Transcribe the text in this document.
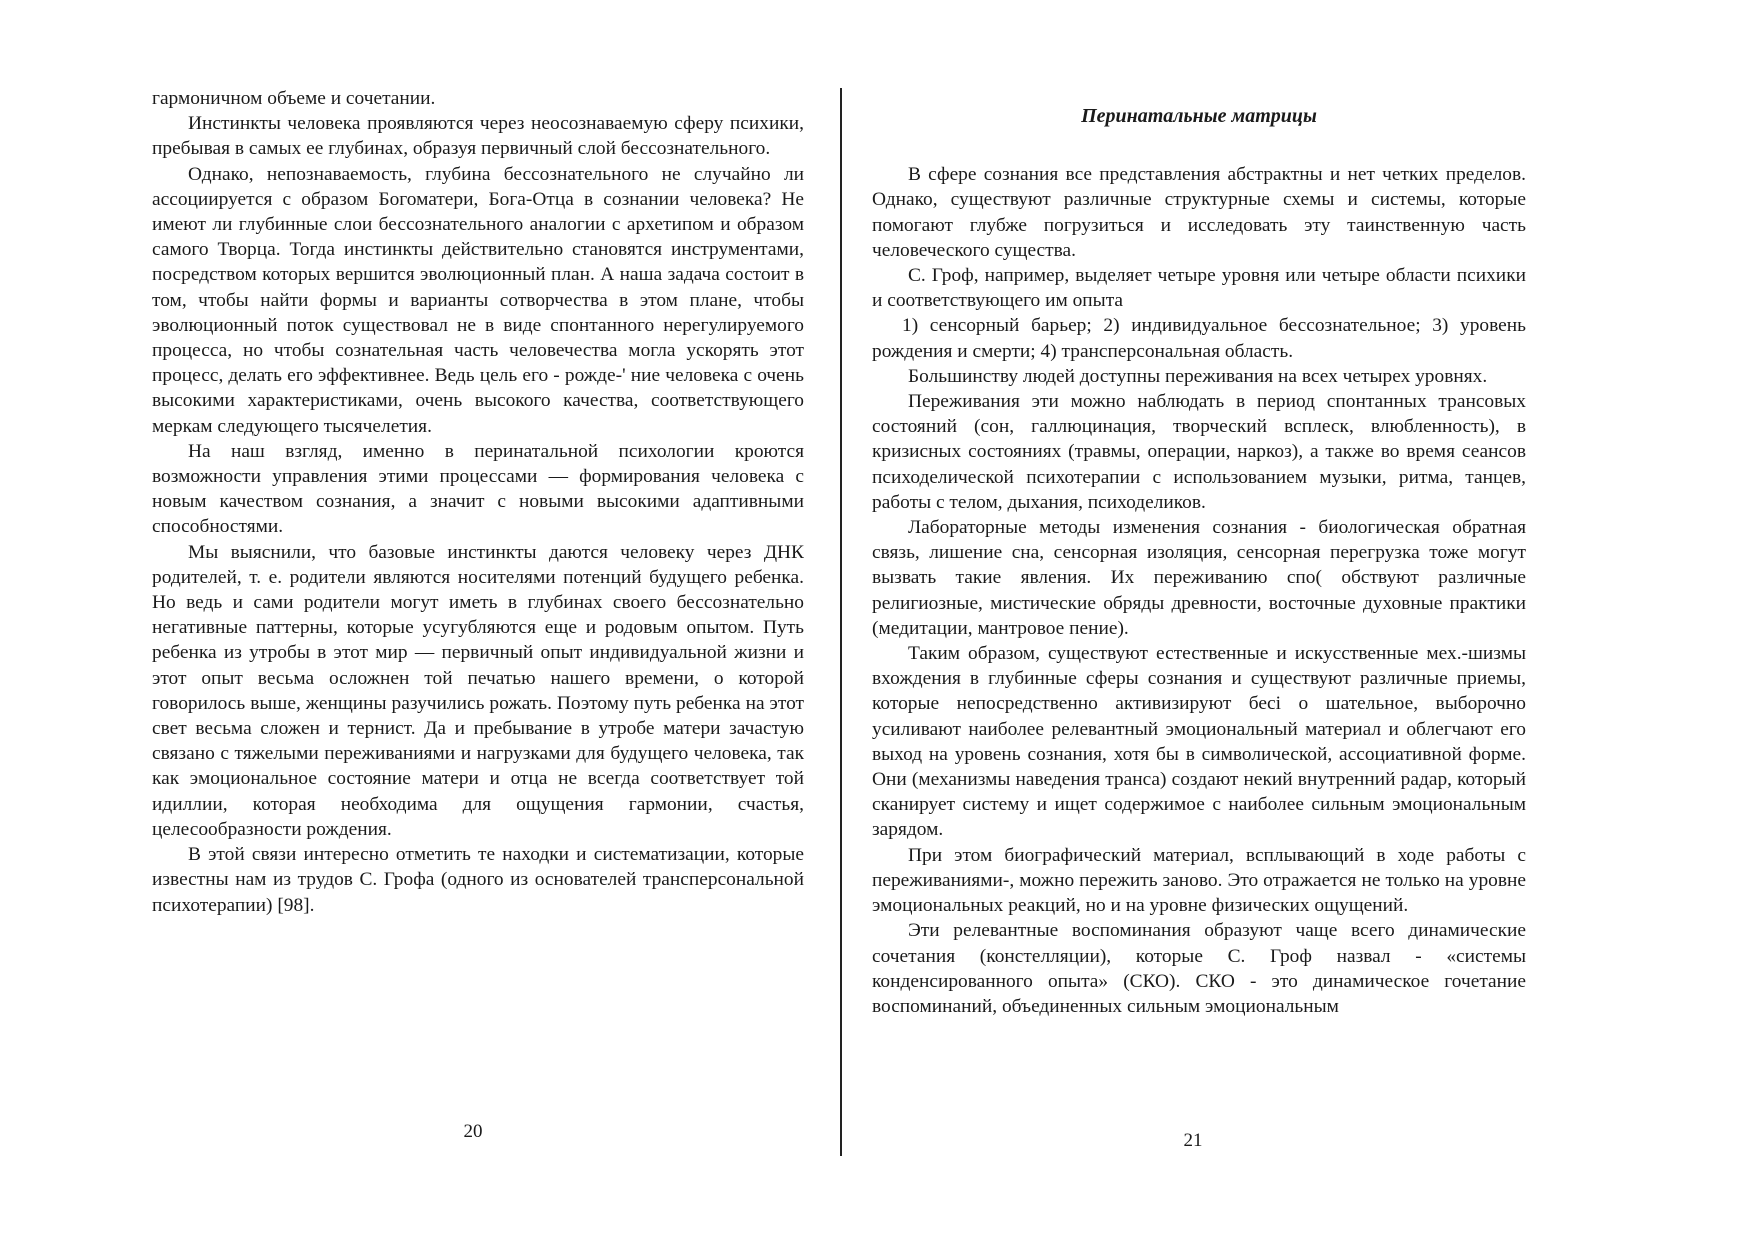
гармоничном объеме и сочетании.

Инстинкты человека проявляются через неосознаваемую сферу психики, пребывая в самых ее глубинах, образуя первичный слой бессознательного.

Однако, непознаваемость, глубина бессознательного не случайно ли ассоциируется с образом Богоматери, Бога-Отца в сознании человека? Не имеют ли глубинные слои бессознательного аналогии с архетипом и образом самого Творца. Тогда инстинкты действительно становятся инструментами, посредством которых вершится эволюционный план. А наша задача состоит в том, чтобы найти формы и варианты сотворчества в этом плане, чтобы эволюционный поток существовал не в виде спонтанного нерегулируемого процесса, но чтобы сознательная часть человечества могла ускорять этот процесс, делать его эффективнее. Ведь цель его - рожде-' ние человека с очень высокими характеристиками, очень высокого качества, соответствующего меркам следующего тысячелетия.

На наш взгляд, именно в перинатальной психологии кроются возможности управления этими процессами — формирования человека с новым качеством сознания, а значит с новыми высокими адаптивными способностями.

Мы выяснили, что базовые инстинкты даются человеку через ДНК родителей, т. е. родители являются носителями потенций будущего ребенка. Но ведь и сами родители могут иметь в глубинах своего бессознательно негативные паттерны, которые усугубляются еще и родовым опытом. Путь ребенка из утробы в этот мир — первичный опыт индивидуальной жизни и этот опыт весьма осложнен той печатью нашего времени, о которой говорилось выше, женщины разучились рожать. Поэтому путь ребенка на этот свет весьма сложен и тернист. Да и пребывание в утробе матери зачастую связано с тяжелыми переживаниями и нагрузками для будущего человека, так как эмоциональное состояние матери и отца не всегда соответствует той идиллии, которая необходима для ощущения гармонии, счастья, целесообразности рождения.

В этой связи интересно отметить те находки и систематизации, которые известны нам из трудов С. Грофа (одного из основателей трансперсональной психотерапии) [98].

Перинатальные матрицы

В сфере сознания все представления абстрактны и нет четких пределов. Однако, существуют различные структурные схемы и системы, которые помогают глубже погрузиться и исследовать эту таинственную часть человеческого существа.

С. Гроф, например, выделяет четыре уровня или четыре области психики и соответствующего им опыта

1) сенсорный барьер; 2) индивидуальное бессознательное; 3) уровень рождения и смерти; 4) трансперсональная область.

Большинству людей доступны переживания на всех четырех уровнях.

Переживания эти можно наблюдать в период спонтанных трансовых состояний (сон, галлюцинация, творческий всплеск, влюбленность), в кризисных состояниях (травмы, операции, наркоз), а также во время сеансов психоделической психотерапии с использованием музыки, ритма, танцев, работы с телом, дыхания, психоделиков.

Лабораторные методы изменения сознания - биологическая обратная связь, лишение сна, сенсорная изоляция, сенсорная перегрузка тоже могут вызвать такие явления. Их переживанию спо( обствуют различные религиозные, мистические обряды древности, восточные духовные практики (медитации, мантровое пение).

Таким образом, существуют естественные и искусственные мех.-шизмы вхождения в глубинные сферы сознания и существуют различные приемы, которые непосредственно активизируют беci о шательное, выборочно усиливают наиболее релевантный эмоциональный материал и облегчают его выход на уровень сознания, хотя бы в символической, ассоциативной форме. Они (механизмы наведения транса) создают некий внутренний радар, который сканирует систему и ищет содержимое с наиболее сильным эмоциональным зарядом.

При этом биографический материал, всплывающий в ходе работы с переживаниями-, можно пережить заново. Это отражается не только на уровне эмоциональных реакций, но и на уровне физических ощущений.

Эти релевантные воспоминания образуют чаще всего динамические сочетания (констелляции), которые С. Гроф назвал - «системы конденсированного опыта» (СКО). СКО - это динамическое гочетание воспоминаний, объединенных сильным эмоциональным

20	21
